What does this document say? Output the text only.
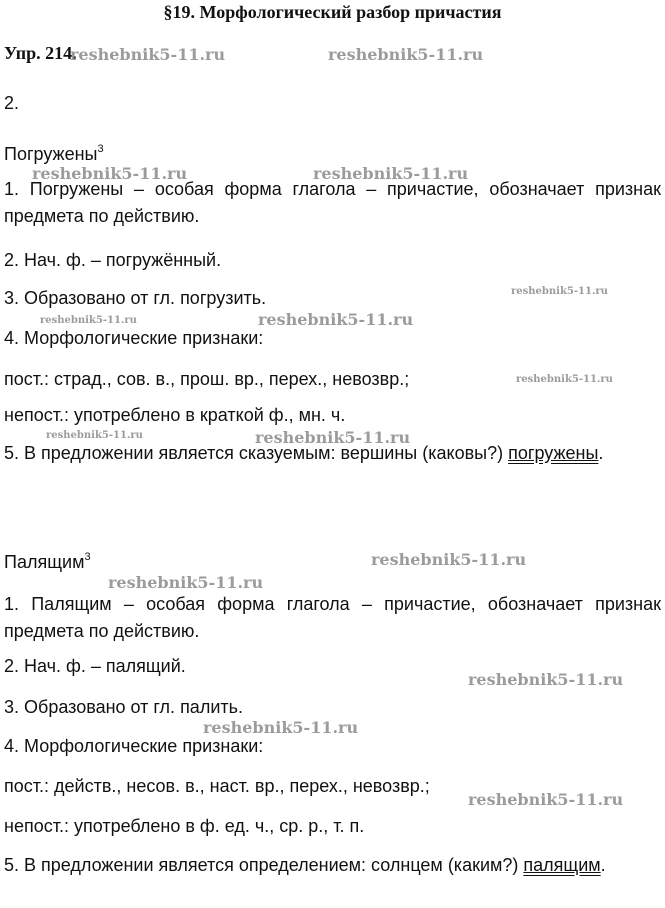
§19. Морфологический разбор причастия
Упр. 214.
2.
Погружены$^3$
1. Погружены – особая форма глагола – причастие, обозначает признак предмета по действию.
2. Нач. ф. – погружённый.
3. Образовано от гл. погрузить.
4. Морфологические признаки:
пост.: страд., сов. в., прош. вр., перех., невозвр.;
непост.: употреблено в краткой ф., мн. ч.
5. В предложении является сказуемым: вершины (каковы?) погружены.
Палящим$^3$
1. Палящим – особая форма глагола – причастие, обозначает признак предмета по действию.
2. Нач. ф. – палящий.
3. Образовано от гл. палить.
4. Морфологические признаки:
пост.: действ., несов. в., наст. вр., перех., невозвр.;
непост.: употреблено в ф. ед. ч., ср. р., т. п.
5. В предложении является определением: солнцем (каким?) палящим.
reshebnik5-11.ru	reshebnik5-11.ru
reshebnik5-11.ru	reshebnik5-11.ru
reshebnik5-11.ru
reshebnik5-11.ru	reshebnik5-11.ru
reshebnik5-11.ru
reshebnik5-11.ru	reshebnik5-11.ru
reshebnik5-11.ru
reshebnik5-11.ru
reshebnik5-11.ru
reshebnik5-11.ru
reshebnik5-11.ru
